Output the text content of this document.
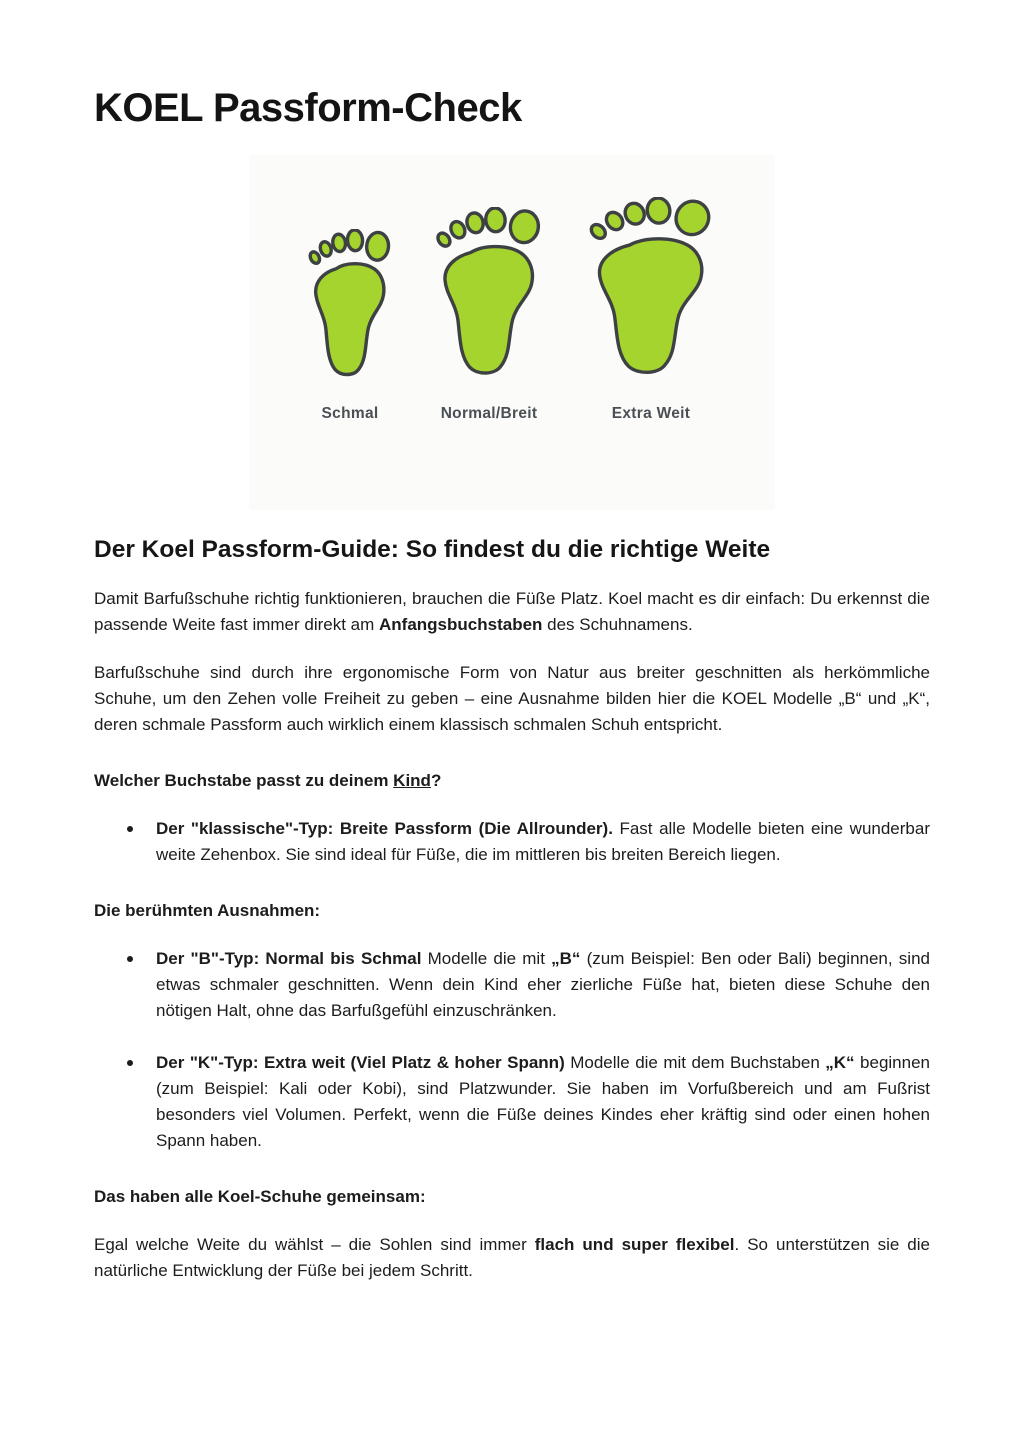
KOEL Passform-Check
Schmal	Normal/Breit	Extra Weit
Der Koel Passform-Guide: So findest du die richtige Weite

Damit Barfußschuhe richtig funktionieren, brauchen die Füße Platz. Koel macht es dir einfach: Du erkennst die passende Weite fast immer direkt am Anfangsbuchstaben des Schuhnamens.

Barfußschuhe sind durch ihre ergonomische Form von Natur aus breiter geschnitten als herkömmliche Schuhe, um den Zehen volle Freiheit zu geben – eine Ausnahme bilden hier die KOEL Modelle „B“ und „K“, deren schmale Passform auch wirklich einem klassisch schmalen Schuh entspricht.

Welcher Buchstabe passt zu deinem Kind?
Der "klassische"-Typ: Breite Passform (Die Allrounder). Fast alle Modelle bieten eine wunderbar weite Zehenbox. Sie sind ideal für Füße, die im mittleren bis breiten Bereich liegen.
Die berühmten Ausnahmen:
Der "B"-Typ: Normal bis Schmal Modelle die mit „B“ (zum Beispiel: Ben oder Bali) beginnen, sind etwas schmaler geschnitten. Wenn dein Kind eher zierliche Füße hat, bieten diese Schuhe den nötigen Halt, ohne das Barfußgefühl einzuschränken.
Der "K"-Typ: Extra weit (Viel Platz & hoher Spann) Modelle die mit dem Buchstaben „K“ beginnen (zum Beispiel: Kali oder Kobi), sind Platzwunder. Sie haben im Vorfußbereich und am Fußrist besonders viel Volumen. Perfekt, wenn die Füße deines Kindes eher kräftig sind oder einen hohen Spann haben.
Das haben alle Koel-Schuhe gemeinsam:

Egal welche Weite du wählst – die Sohlen sind immer flach und super flexibel. So unterstützen sie die natürliche Entwicklung der Füße bei jedem Schritt.
